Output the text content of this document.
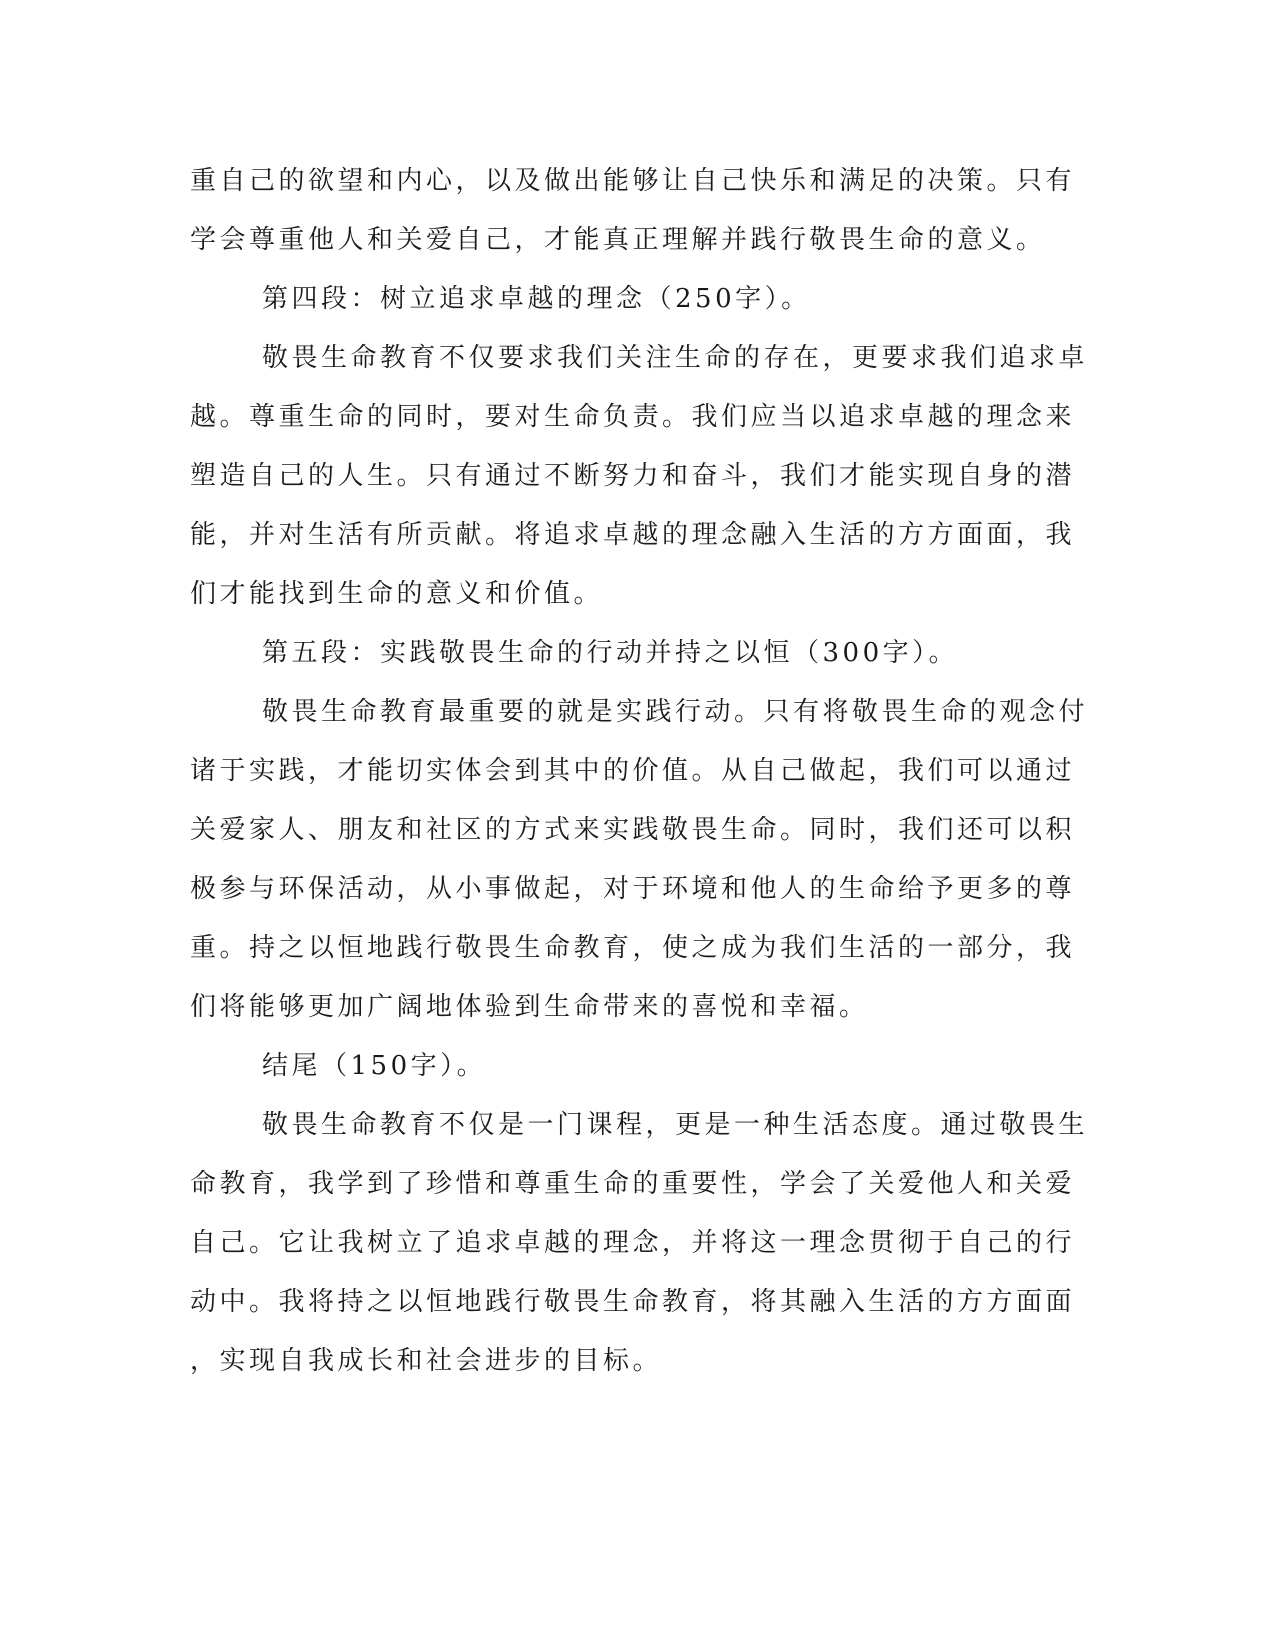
重自己的欲望和内心，以及做出能够让自己快乐和满足的决策。只有
学会尊重他人和关爱自己，才能真正理解并践行敬畏生命的意义。
第四段：树立追求卓越的理念（250字）。
敬畏生命教育不仅要求我们关注生命的存在，更要求我们追求卓
越。尊重生命的同时，要对生命负责。我们应当以追求卓越的理念来
塑造自己的人生。只有通过不断努力和奋斗，我们才能实现自身的潜
能，并对生活有所贡献。将追求卓越的理念融入生活的方方面面，我
们才能找到生命的意义和价值。
第五段：实践敬畏生命的行动并持之以恒（300字）。
敬畏生命教育最重要的就是实践行动。只有将敬畏生命的观念付
诸于实践，才能切实体会到其中的价值。从自己做起，我们可以通过
关爱家人、朋友和社区的方式来实践敬畏生命。同时，我们还可以积
极参与环保活动，从小事做起，对于环境和他人的生命给予更多的尊
重。持之以恒地践行敬畏生命教育，使之成为我们生活的一部分，我
们将能够更加广阔地体验到生命带来的喜悦和幸福。
结尾（150字）。
敬畏生命教育不仅是一门课程，更是一种生活态度。通过敬畏生
命教育，我学到了珍惜和尊重生命的重要性，学会了关爱他人和关爱
自己。它让我树立了追求卓越的理念，并将这一理念贯彻于自己的行
动中。我将持之以恒地践行敬畏生命教育，将其融入生活的方方面面
，实现自我成长和社会进步的目标。
